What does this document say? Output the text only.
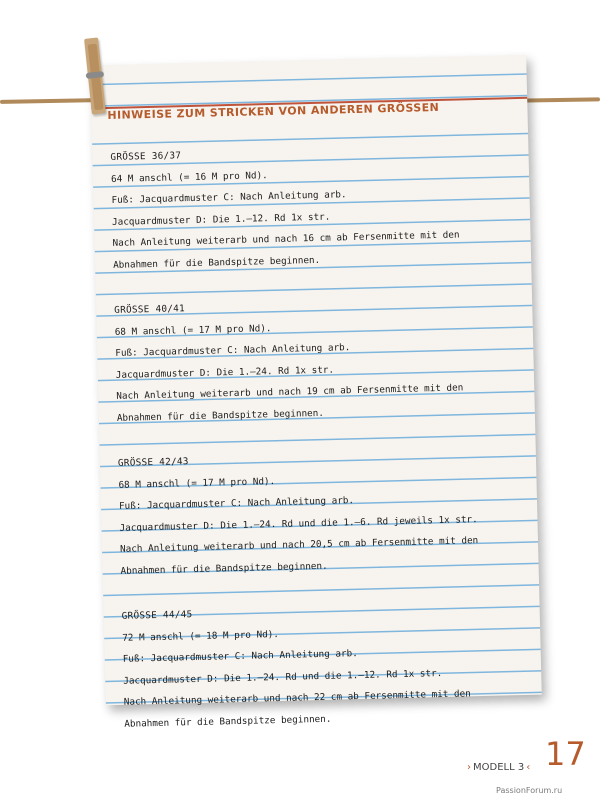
HINWEISE ZUM STRICKEN VON ANDEREN GRÖSSEN
GRÖSSE 36/37
64 M anschl (= 16 M pro Nd).
Fuß: Jacquardmuster C: Nach Anleitung arb.
Jacquardmuster D: Die 1.–12. Rd 1x str.
Nach Anleitung weiterarb und nach 16 cm ab Fersenmitte mit den
Abnahmen für die Bandspitze beginnen.
GRÖSSE 40/41
68 M anschl (= 17 M pro Nd).
Fuß: Jacquardmuster C: Nach Anleitung arb.
Jacquardmuster D: Die 1.–24. Rd 1x str.
Nach Anleitung weiterarb und nach 19 cm ab Fersenmitte mit den
Abnahmen für die Bandspitze beginnen.
GRÖSSE 42/43
68 M anschl (= 17 M pro Nd).
Fuß: Jacquardmuster C: Nach Anleitung arb.
Jacquardmuster D: Die 1.–24. Rd und die 1.–6. Rd jeweils 1x str.
Nach Anleitung weiterarb und nach 20,5 cm ab Fersenmitte mit den
Abnahmen für die Bandspitze beginnen.
GRÖSSE 44/45
72 M anschl (= 18 M pro Nd).
Fuß: Jacquardmuster C: Nach Anleitung arb.
Jacquardmuster D: Die 1.–24. Rd und die 1.–12. Rd 1x str.
Nach Anleitung weiterarb und nach 22 cm ab Fersenmitte mit den
Abnahmen für die Bandspitze beginnen.
› MODELL 3 ‹ 17
PassionForum.ru
